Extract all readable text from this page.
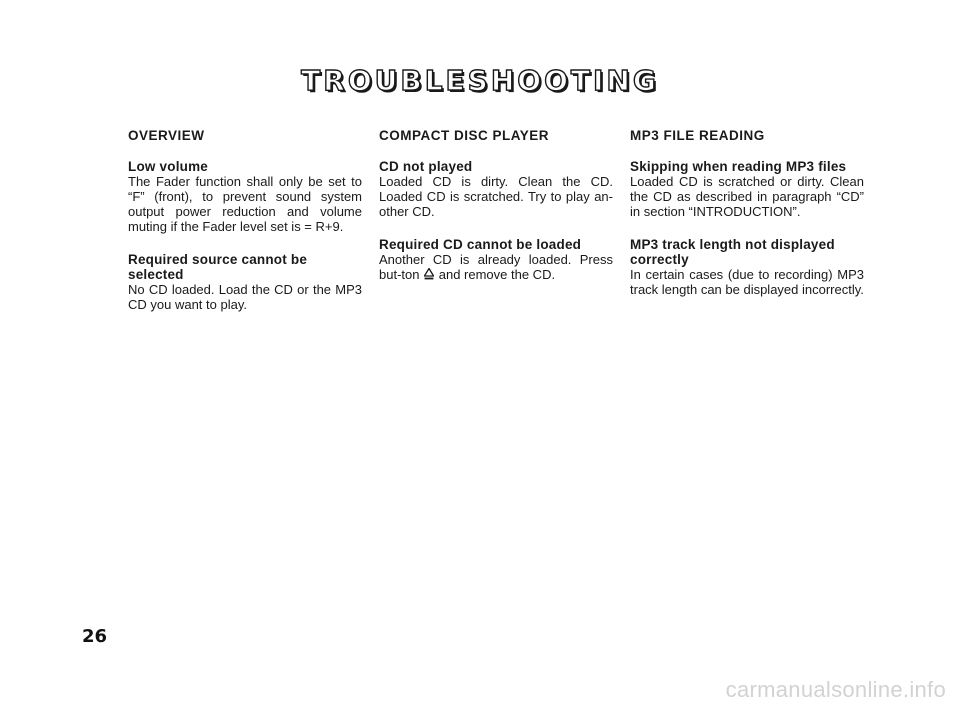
TROUBLESHOOTING
OVERVIEW

Low volume

The Fader function shall only be set to “F” (front), to prevent sound system output power reduction and volume muting if the Fader level set is = R+9.

Required source cannot be selected

No CD loaded. Load the CD or the MP3 CD you want to play.

COMPACT DISC PLAYER

CD not played

Loaded CD is dirty. Clean the CD. Loaded CD is scratched. Try to play an-other CD.

Required CD cannot be loaded

Another CD is already loaded. Press but-ton and remove the CD.

MP3 FILE READING

Skipping when reading MP3 files

Loaded CD is scratched or dirty. Clean the CD as described in paragraph “CD” in section “INTRODUCTION”.

MP3 track length not displayed correctly

In certain cases (due to recording) MP3 track length can be displayed incorrectly.

26
carmanualsonline.info
